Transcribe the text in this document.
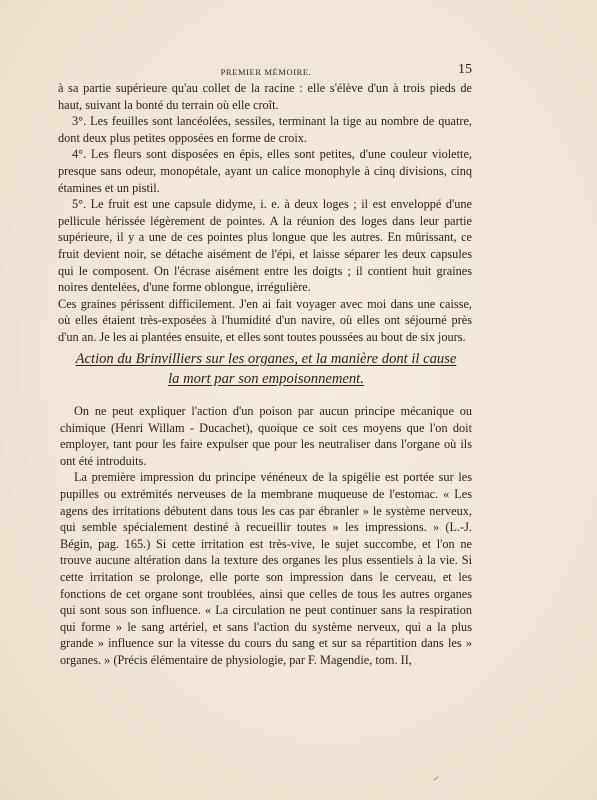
PREMIER MÉMOIRE.	15

à sa partie supérieure qu'au collet de la racine : elle s'élève d'un à trois pieds de haut, suivant la bonté du terrain où elle croît.

3°. Les feuilles sont lancéolées, sessiles, terminant la tige au nombre de quatre, dont deux plus petites opposées en forme de croix.

4°. Les fleurs sont disposées en épis, elles sont petites, d'une couleur violette, presque sans odeur, monopétale, ayant un calice monophyle à cinq divisions, cinq étamines et un pistil.

5°. Le fruit est une capsule didyme, i. e. à deux loges ; il est enveloppé d'une pellicule hérissée légèrement de pointes. A la réunion des loges dans leur partie supérieure, il y a une de ces pointes plus longue que les autres. En mûrissant, ce fruit devient noir, se détache aisément de l'épi, et laisse séparer les deux capsules qui le composent. On l'écrase aisément entre les doigts ; il contient huit graines noires dentelées, d'une forme oblongue, irrégulière.

Ces graines périssent difficilement. J'en ai fait voyager avec moi dans une caisse, où elles étaient très-exposées à l'humidité d'un navire, où elles ont séjourné près d'un an. Je les ai plantées ensuite, et elles sont toutes poussées au bout de six jours.

Action du Brinvilliers sur les organes, et la manière dont il cause
la mort par son empoisonnement.

On ne peut expliquer l'action d'un poison par aucun principe mécanique ou chimique (Henri Willam - Ducachet), quoique ce soit ces moyens que l'on doit employer, tant pour les faire expulser que pour les neutraliser dans l'organe où ils ont été introduits.

La première impression du principe vénéneux de la spigélie est portée sur les pupilles ou extrémités nerveuses de la membrane muqueuse de l'estomac. « Les agens des irritations débutent dans tous les cas par ébranler » le système nerveux, qui semble spécialement destiné à recueillir toutes » les impressions. » (L.-J. Bégin, pag. 165.) Si cette irritation est très-vive, le sujet succombe, et l'on ne trouve aucune altération dans la texture des organes les plus essentiels à la vie. Si cette irritation se prolonge, elle porte son impression dans le cerveau, et les fonctions de cet organe sont troublées, ainsi que celles de tous les autres organes qui sont sous son influence. « La circulation ne peut continuer sans la respiration qui forme » le sang artériel, et sans l'action du système nerveux, qui a la plus grande » influence sur la vitesse du cours du sang et sur sa répartition dans les » organes. » (Précis élémentaire de physiologie, par F. Magendie, tom. II,
